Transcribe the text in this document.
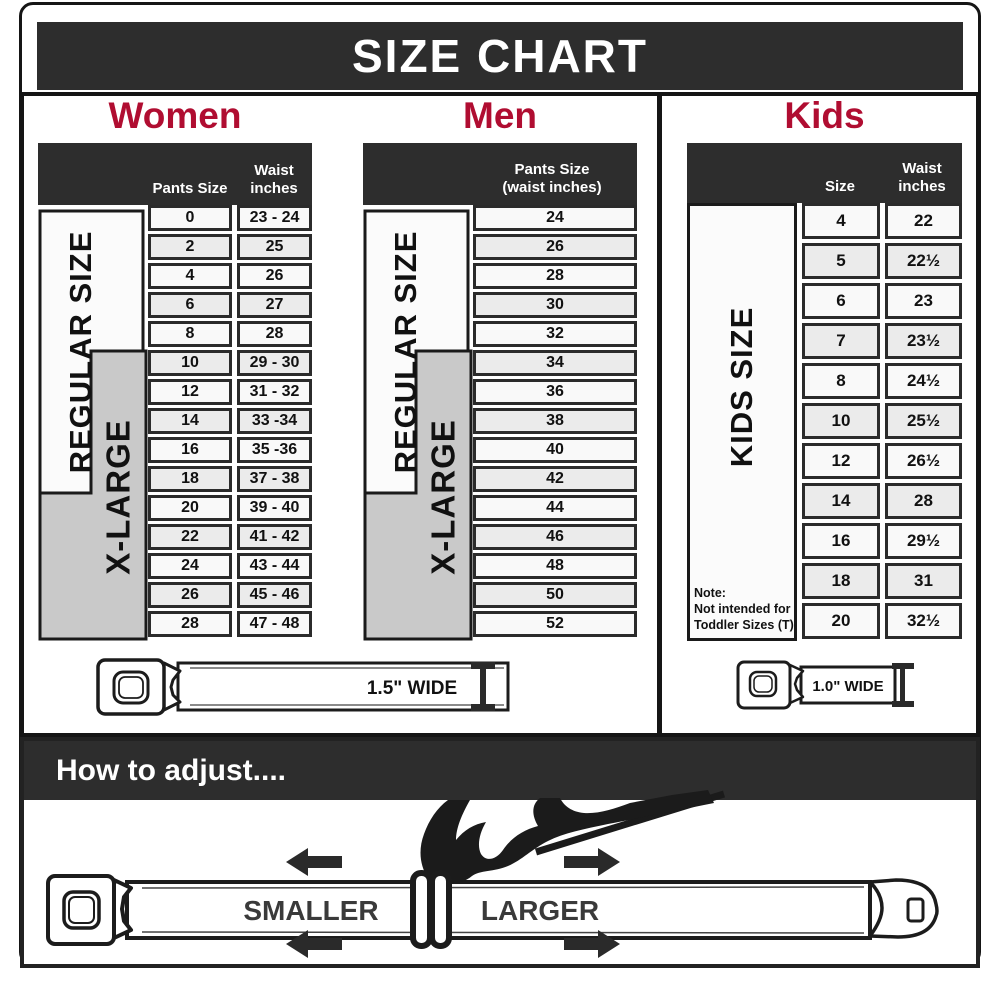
SIZE CHART
Women
Pants Size
Waist
inches
REGULAR SIZE
X-LARGE
0	23 - 24
2	25
4	26
6	27
8	28
10	29 - 30
12	31 - 32
14	33 -34
16	35 -36
18	37 - 38
20	39 - 40
22	41 - 42
24	43 - 44
26	45 - 46
28	47 - 48
Men
Pants Size
(waist inches)
REGULAR SIZE
X-LARGE
24
26
28
30
32
34
36
38
40
42
44
46
48
50
52
Kids
Size
Waist
inches
KIDS SIZE
Note:
Not intended for
Toddler Sizes (T)
4	22
5	22½
6	23
7	23½
8	24½
10	25½
12	26½
14	28
16	29½
18	31
20	32½
1.5" WIDE	1.0" WIDE
How to adjust....
SMALLER	LARGER
